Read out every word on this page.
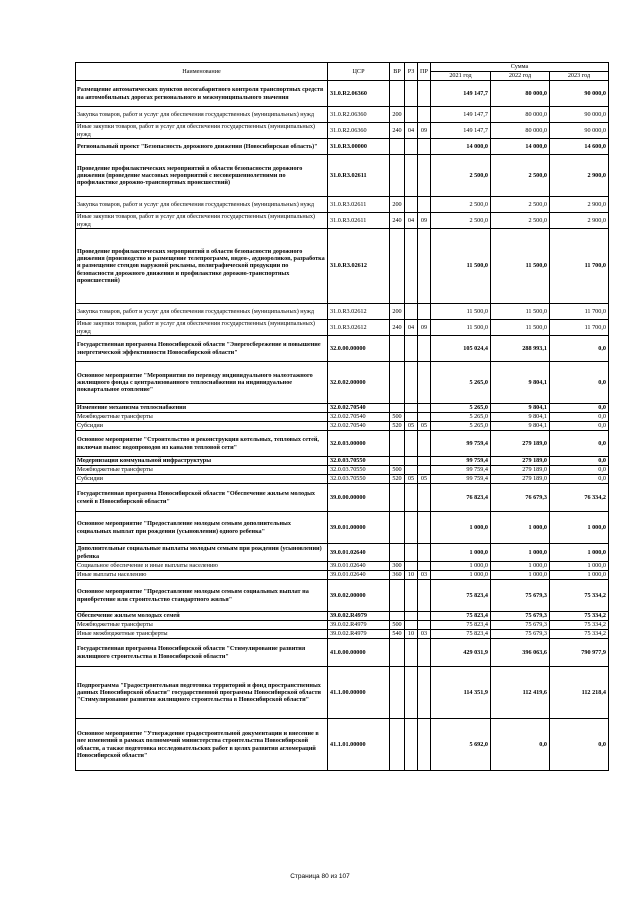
Наименование	ЦСР	ВР	РЗ	ПР	Сумма		
					2021 год	2022 год	2023 год
Размещение автоматических пунктов весогабаритного контроля транспортных средств на автомобильных дорогах регионального и межмуниципального значения	31.0.R2.06360				149 147,7	80 000,0	90 000,0
Закупка товаров, работ и услуг для обеспечения государственных (муниципальных) нужд	31.0.R2.06360	200			149 147,7	80 000,0	90 000,0
Иные закупки товаров, работ и услуг для обеспечения государственных (муниципальных) нужд	31.0.R2.06360	240	04	09	149 147,7	80 000,0	90 000,0
Региональный проект "Безопасность дорожного движения (Новосибирская область)"	31.0.R3.00000				14 000,0	14 000,0	14 600,0
Проведение профилактических мероприятий в области безопасности дорожного движения (проведение массовых мероприятий с несовершеннолетними по профилактике дорожно-транспортных происшествий)	31.0.R3.02611				2 500,0	2 500,0	2 900,0
Закупка товаров, работ и услуг для обеспечения государственных (муниципальных) нужд	31.0.R3.02611	200			2 500,0	2 500,0	2 900,0
Иные закупки товаров, работ и услуг для обеспечения государственных (муниципальных) нужд	31.0.R3.02611	240	04	09	2 500,0	2 500,0	2 900,0
Проведение профилактических мероприятий в области безопасности дорожного движения (производство и размещение телепрограмм, видео-, аудиороликов, разработка и размещение стендов наружной рекламы, полиграфической продукции по безопасности дорожного движения и профилактике дорожно-транспортных происшествий)	31.0.R3.02612				11 500,0	11 500,0	11 700,0
Закупка товаров, работ и услуг для обеспечения государственных (муниципальных) нужд	31.0.R3.02612	200			11 500,0	11 500,0	11 700,0
Иные закупки товаров, работ и услуг для обеспечения государственных (муниципальных) нужд	31.0.R3.02612	240	04	09	11 500,0	11 500,0	11 700,0
Государственная программа Новосибирской области "Энергосбережение и повышение энергетической эффективности Новосибирской области"	32.0.00.00000				105 024,4	288 993,1	0,0
Основное мероприятие "Мероприятия по переводу индивидуального малоэтажного жилищного фонда с централизованного теплоснабжения на индивидуальное поквартальное отопление"	32.0.02.00000				5 265,0	9 804,1	0,0
Изменение механизма теплоснабжения	32.0.02.70540				5 265,0	9 804,1	0,0
Межбюджетные трансферты	32.0.02.70540	500			5 265,0	9 804,1	0,0
Субсидии	32.0.02.70540	520	05	05	5 265,0	9 804,1	0,0
Основное мероприятие "Строительство и реконструкция котельных, тепловых сетей, включая вынос водопроводов из каналов тепловой сети"	32.0.03.00000				99 759,4	279 189,0	0,0
Модернизация коммунальной инфраструктуры	32.0.03.70550				99 759,4	279 189,0	0,0
Межбюджетные трансферты	32.0.03.70550	500			99 759,4	279 189,0	0,0
Субсидии	32.0.03.70550	520	05	05	99 759,4	279 189,0	0,0
Государственная программа Новосибирской области "Обеспечение жильем молодых семей в Новосибирской области"	39.0.00.00000				76 823,4	76 679,3	76 334,2
Основное мероприятие "Предоставление молодым семьям дополнительных социальных выплат при рождении (усыновлении) одного ребенка"	39.0.01.00000				1 000,0	1 000,0	1 000,0
Дополнительные социальные выплаты молодым семьям при рождении (усыновлении) ребенка	39.0.01.02640				1 000,0	1 000,0	1 000,0
Социальное обеспечение и иные выплаты населению	39.0.01.02640	300			1 000,0	1 000,0	1 000,0
Иные выплаты населению	39.0.01.02640	360	10	03	1 000,0	1 000,0	1 000,0
Основное мероприятие "Предоставление молодым семьям социальных выплат на приобретение или строительство стандартного жилья"	39.0.02.00000				75 823,4	75 679,3	75 334,2
Обеспечение жильем молодых семей	39.0.02.R4979				75 823,4	75 679,3	75 334,2
Межбюджетные трансферты	39.0.02.R4979	500			75 823,4	75 679,3	75 334,2
Иные межбюджетные трансферты	39.0.02.R4979	540	10	03	75 823,4	75 679,3	75 334,2
Государственная программа Новосибирской области "Стимулирование развития жилищного строительства в Новосибирской области"	41.0.00.00000				429 031,9	396 063,6	790 977,9
Подпрограмма "Градостроительная подготовка территорий и фонд пространственных данных Новосибирской области" государственной программы Новосибирской области "Стимулирование развития жилищного строительства в Новосибирской области"	41.1.00.00000				114 351,9	112 419,6	112 218,4
Основное мероприятие "Утверждение градостроительной документации и внесение в нее изменений в рамках полномочий министерства строительства Новосибирской области, а также подготовка исследовательских работ в целях развития агломераций Новосибирской области"	41.1.01.00000				5 692,0	0,0	0,0
Страница 80 из 107
